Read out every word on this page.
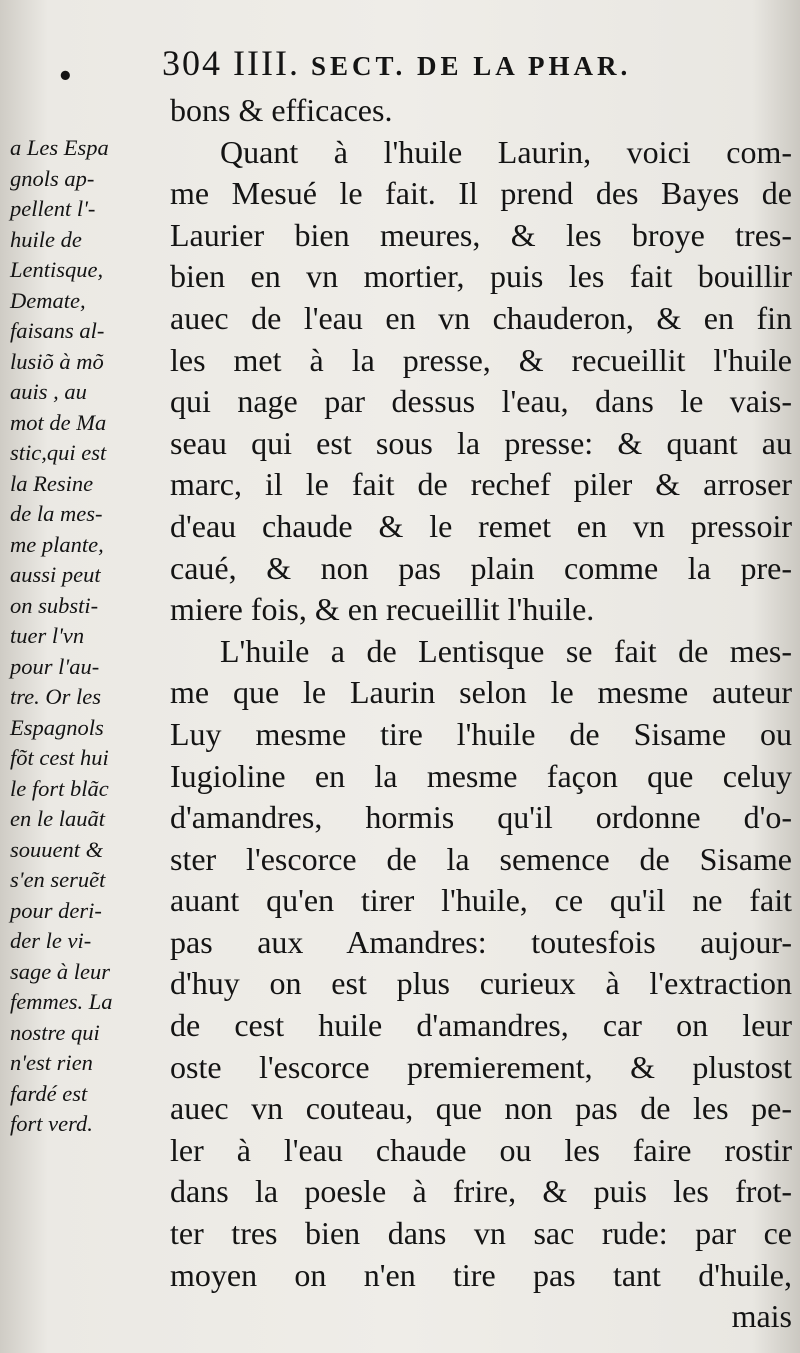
• 304 IIII. SECT. DE LA PHAR.
a Les Espa
gnols ap-
pellent l'-
huile de
Lentisque,
Demate,
faisans al-
lusiõ à mõ
auis , au
mot de Ma
stic,qui est
la Resine
de la mes-
me plante,
aussi peut
on substi-
tuer l'vn
pour l'au-
tre. Or les
Espagnols
fõt cest hui
le fort blãc
en le lauãt
souuent &
s'en seruẽt
pour deri-
der le vi-
sage à leur
femmes. La
nostre qui
n'est rien
fardé est
fort verd.
bons & efficaces.
Quant à l'huile Laurin, voici com-
me Mesué le fait. Il prend des Bayes de
Laurier bien meures, & les broye tres-
bien en vn mortier, puis les fait bouillir
auec de l'eau en vn chauderon, & en fin
les met à la presse, & recueillit l'huile
qui nage par dessus l'eau, dans le vais-
seau qui est sous la presse: & quant au
marc, il le fait de rechef piler & arroser
d'eau chaude & le remet en vn pressoir
caué, & non pas plain comme la pre-
miere fois, & en recueillit l'huile.
L'huile a de Lentisque se fait de mes-
me que le Laurin selon le mesme auteur
Luy mesme tire l'huile de Sisame ou
Iugioline en la mesme façon que celuy
d'amandres, hormis qu'il ordonne d'o-
ster l'escorce de la semence de Sisame
auant qu'en tirer l'huile, ce qu'il ne fait
pas aux Amandres: toutesfois aujour-
d'huy on est plus curieux à l'extraction
de cest huile d'amandres, car on leur
oste l'escorce premierement, & plustost
auec vn couteau, que non pas de les pe-
ler à l'eau chaude ou les faire rostir
dans la poesle à frire, & puis les frot-
ter tres bien dans vn sac rude: par ce
moyen on n'en tire pas tant d'huile,
mais
